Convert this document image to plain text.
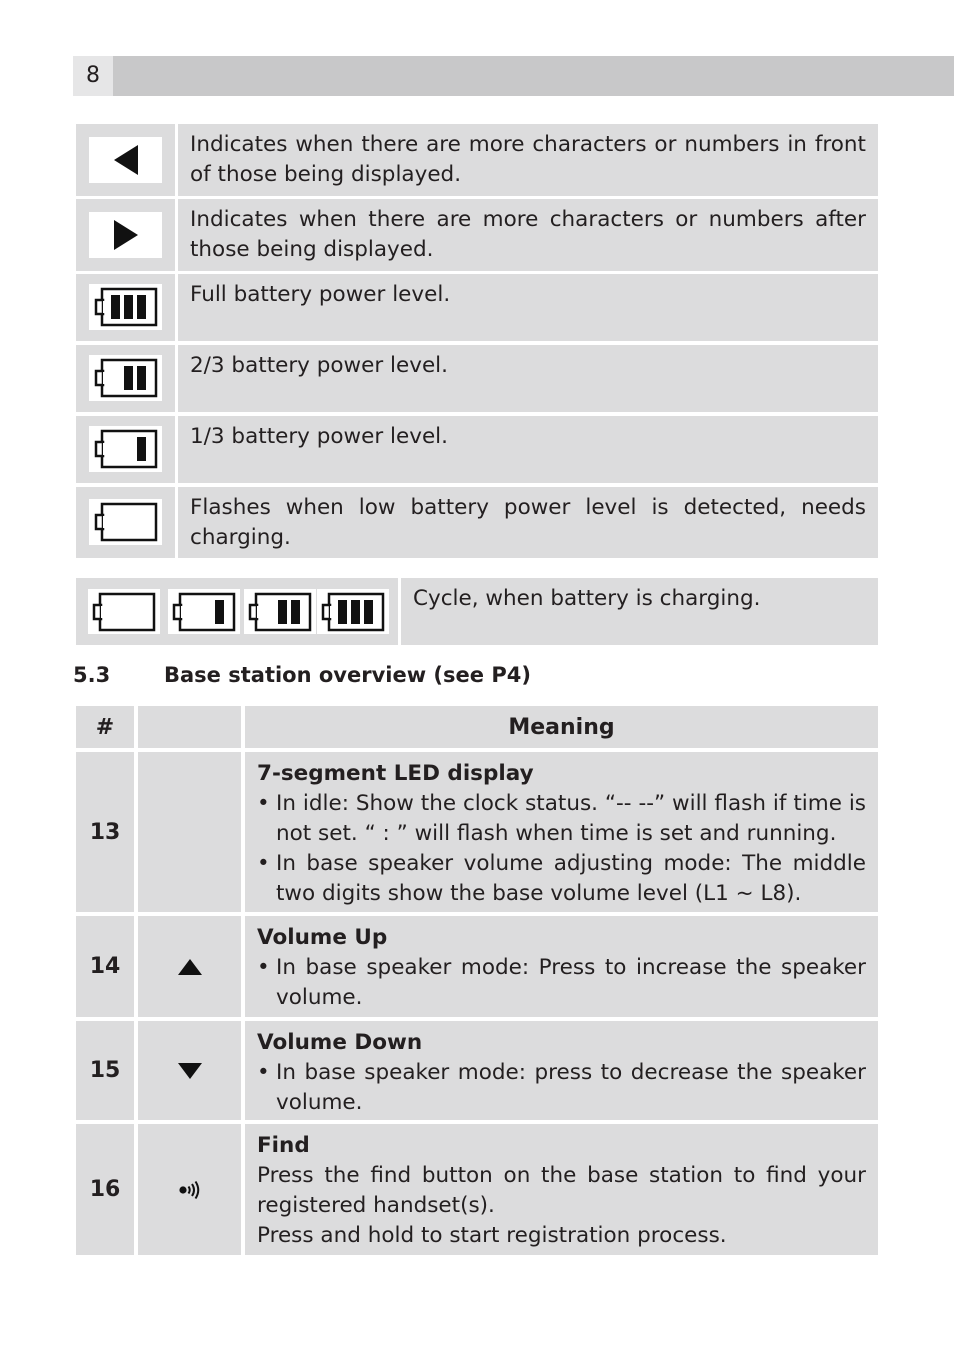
8
Indicates when there are more characters or numbers in front of those being displayed.
Indicates when there are more characters or numbers after those being displayed.
Full battery power level.
2/3 battery power level.
1/3 battery power level.
Flashes when low battery power level is detected, needs charging.
Cycle, when battery is charging.
5.3	Base station overview (see P4)
#	Meaning
13
7-segment LED display
• In idle: Show the clock status. “-- --” will flash if time is not set. “ : ” will flash when time is set and running.
• In base speaker volume adjusting mode: The middle two digits show the base volume level (L1 ~ L8).
14
Volume Up
• In base speaker mode: Press to increase the speaker volume.
15
Volume Down
• In base speaker mode: press to decrease the speaker volume.
16
Find
Press the find button on the base station to find your registered handset(s).
Press and hold to start registration process.
